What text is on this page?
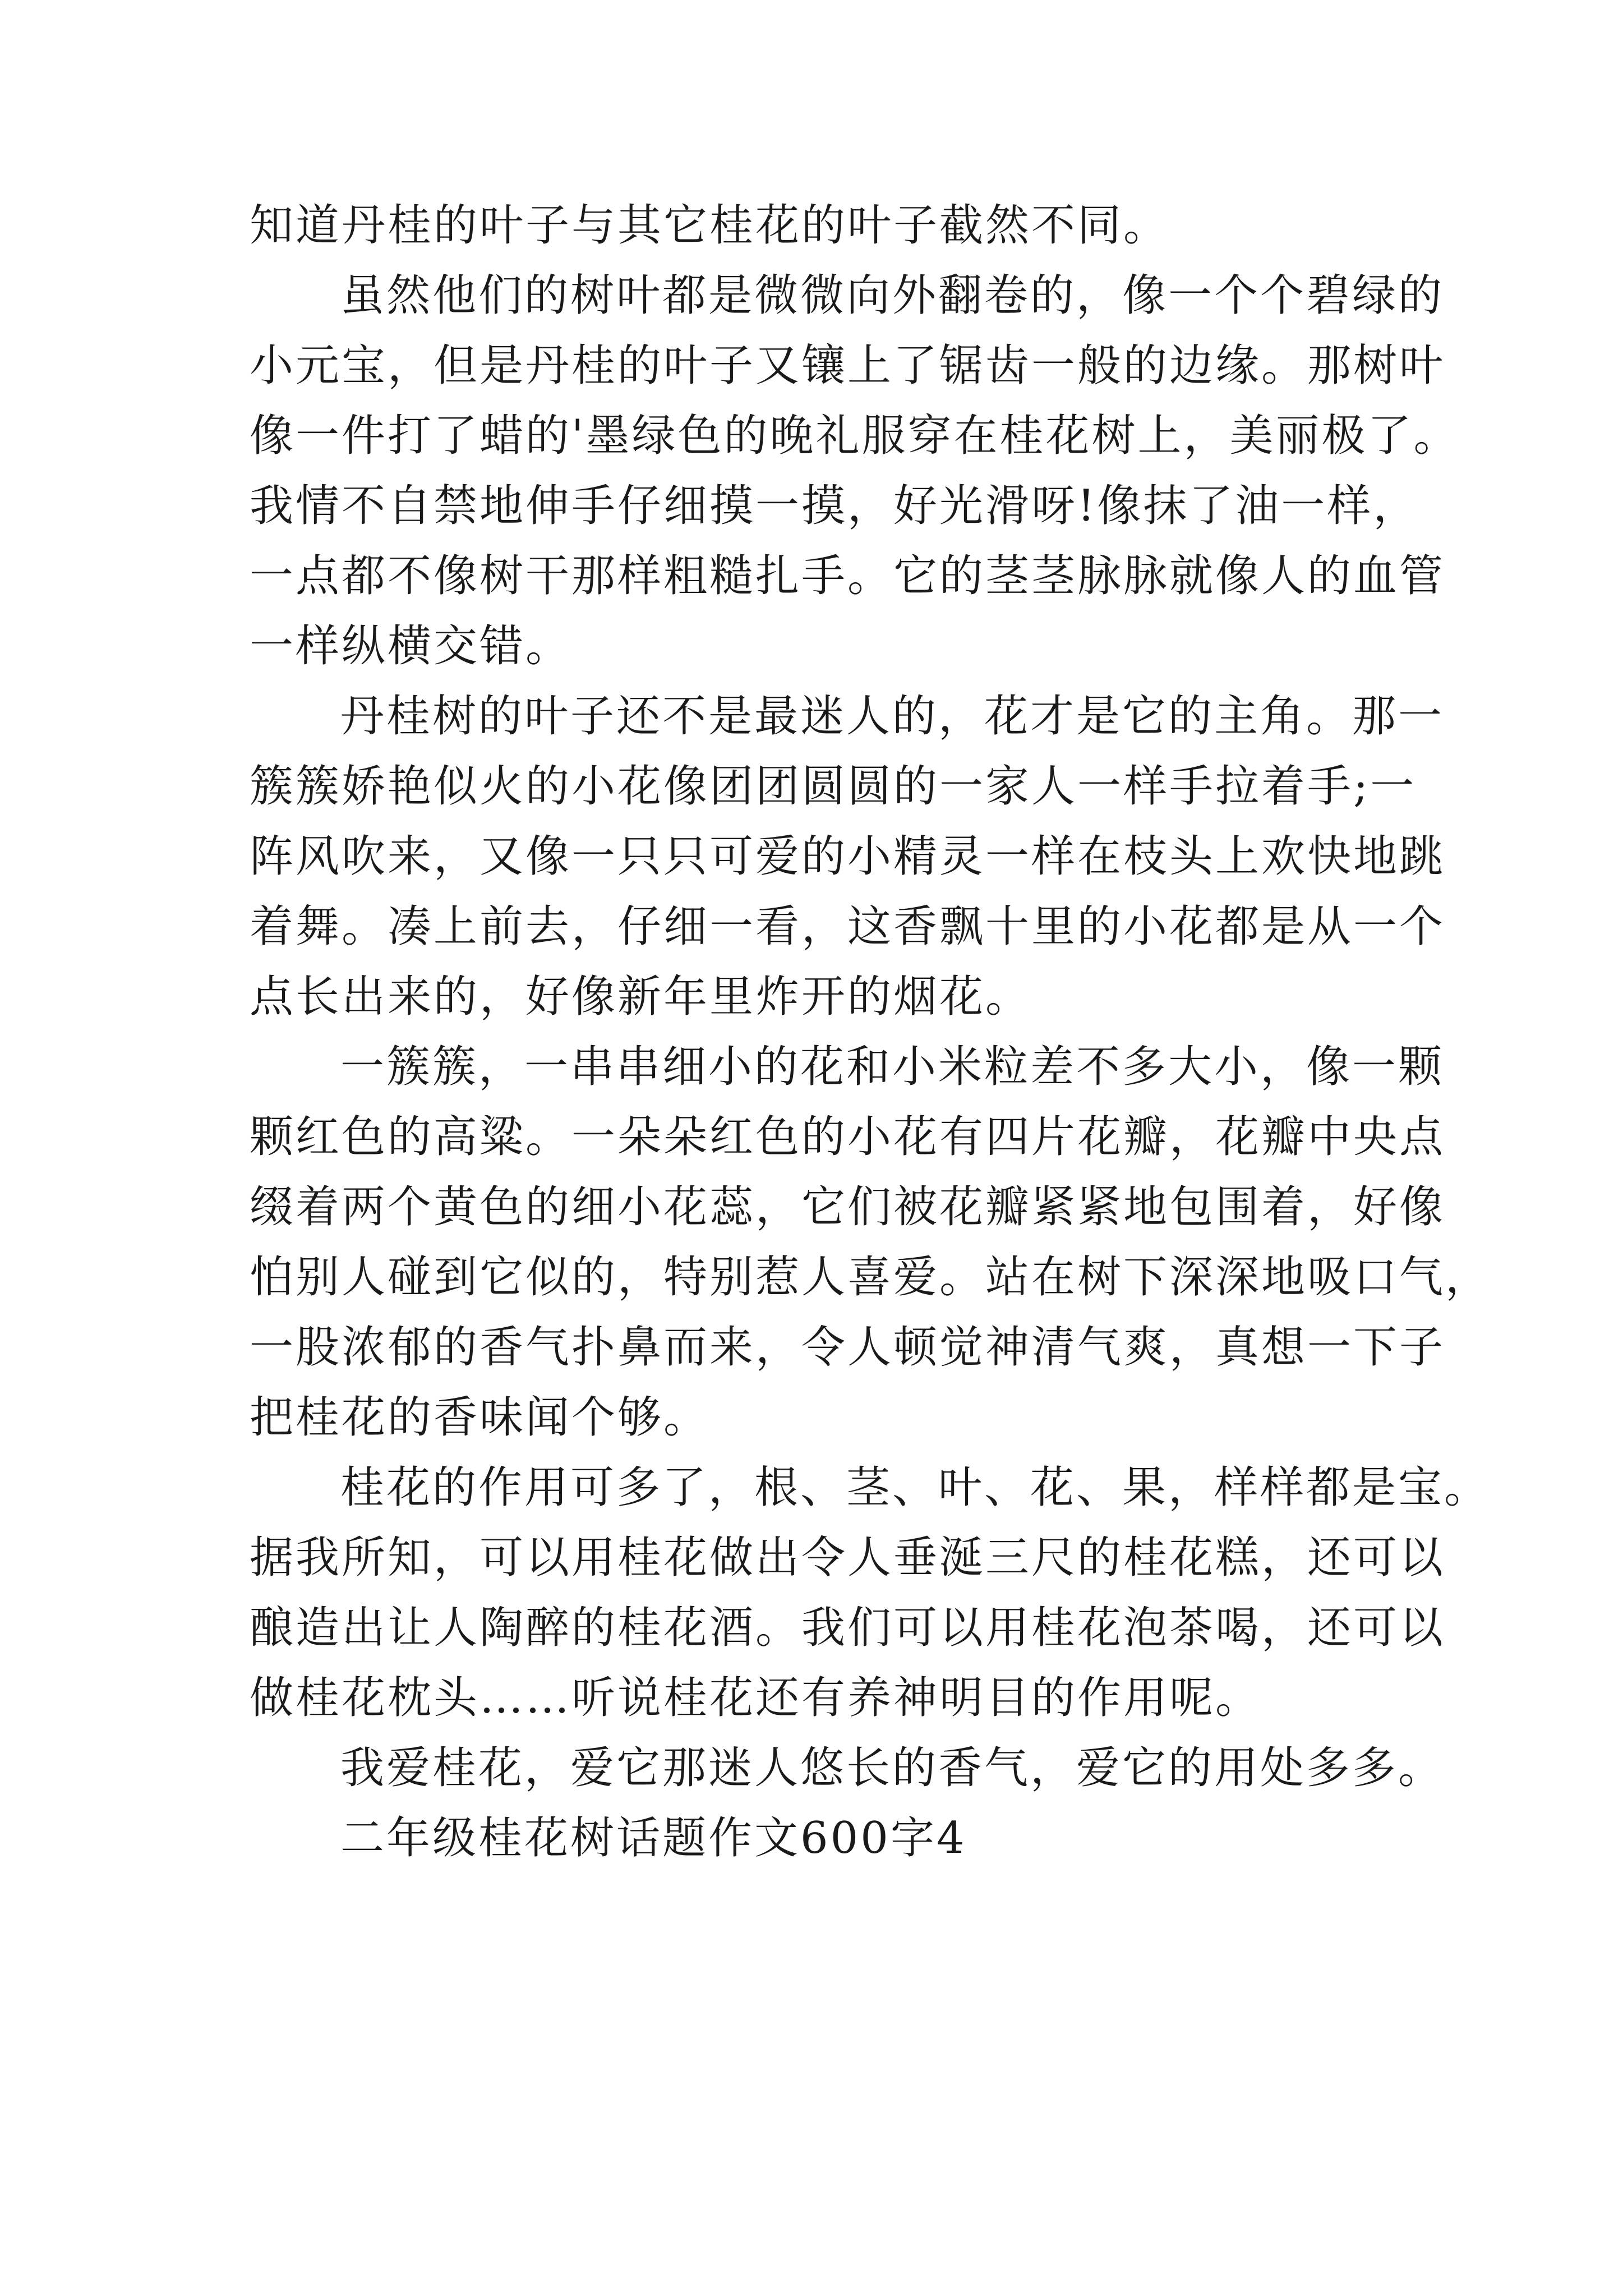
知道丹桂的叶子与其它桂花的叶子截然不同。
虽然他们的树叶都是微微向外翻卷的，像一个个碧绿的
小元宝，但是丹桂的叶子又镶上了锯齿一般的边缘。那树叶
像一件打了蜡的'墨绿色的晚礼服穿在桂花树上，美丽极了。
我情不自禁地伸手仔细摸一摸，好光滑呀!像抹了油一样，
一点都不像树干那样粗糙扎手。它的茎茎脉脉就像人的血管
一样纵横交错。
丹桂树的叶子还不是最迷人的，花才是它的主角。那一
簇簇娇艳似火的小花像团团圆圆的一家人一样手拉着手;一
阵风吹来，又像一只只可爱的小精灵一样在枝头上欢快地跳
着舞。凑上前去，仔细一看，这香飘十里的小花都是从一个
点长出来的，好像新年里炸开的烟花。
一簇簇，一串串细小的花和小米粒差不多大小，像一颗
颗红色的高粱。一朵朵红色的小花有四片花瓣，花瓣中央点
缀着两个黄色的细小花蕊，它们被花瓣紧紧地包围着，好像
怕别人碰到它似的，特别惹人喜爱。站在树下深深地吸口气，
一股浓郁的香气扑鼻而来，令人顿觉神清气爽，真想一下子
把桂花的香味闻个够。
桂花的作用可多了，根、茎、叶、花、果，样样都是宝。
据我所知，可以用桂花做出令人垂涎三尺的桂花糕，还可以
酿造出让人陶醉的桂花酒。我们可以用桂花泡茶喝，还可以
做桂花枕头……听说桂花还有养神明目的作用呢。
我爱桂花，爱它那迷人悠长的香气，爱它的用处多多。
二年级桂花树话题作文600字4
